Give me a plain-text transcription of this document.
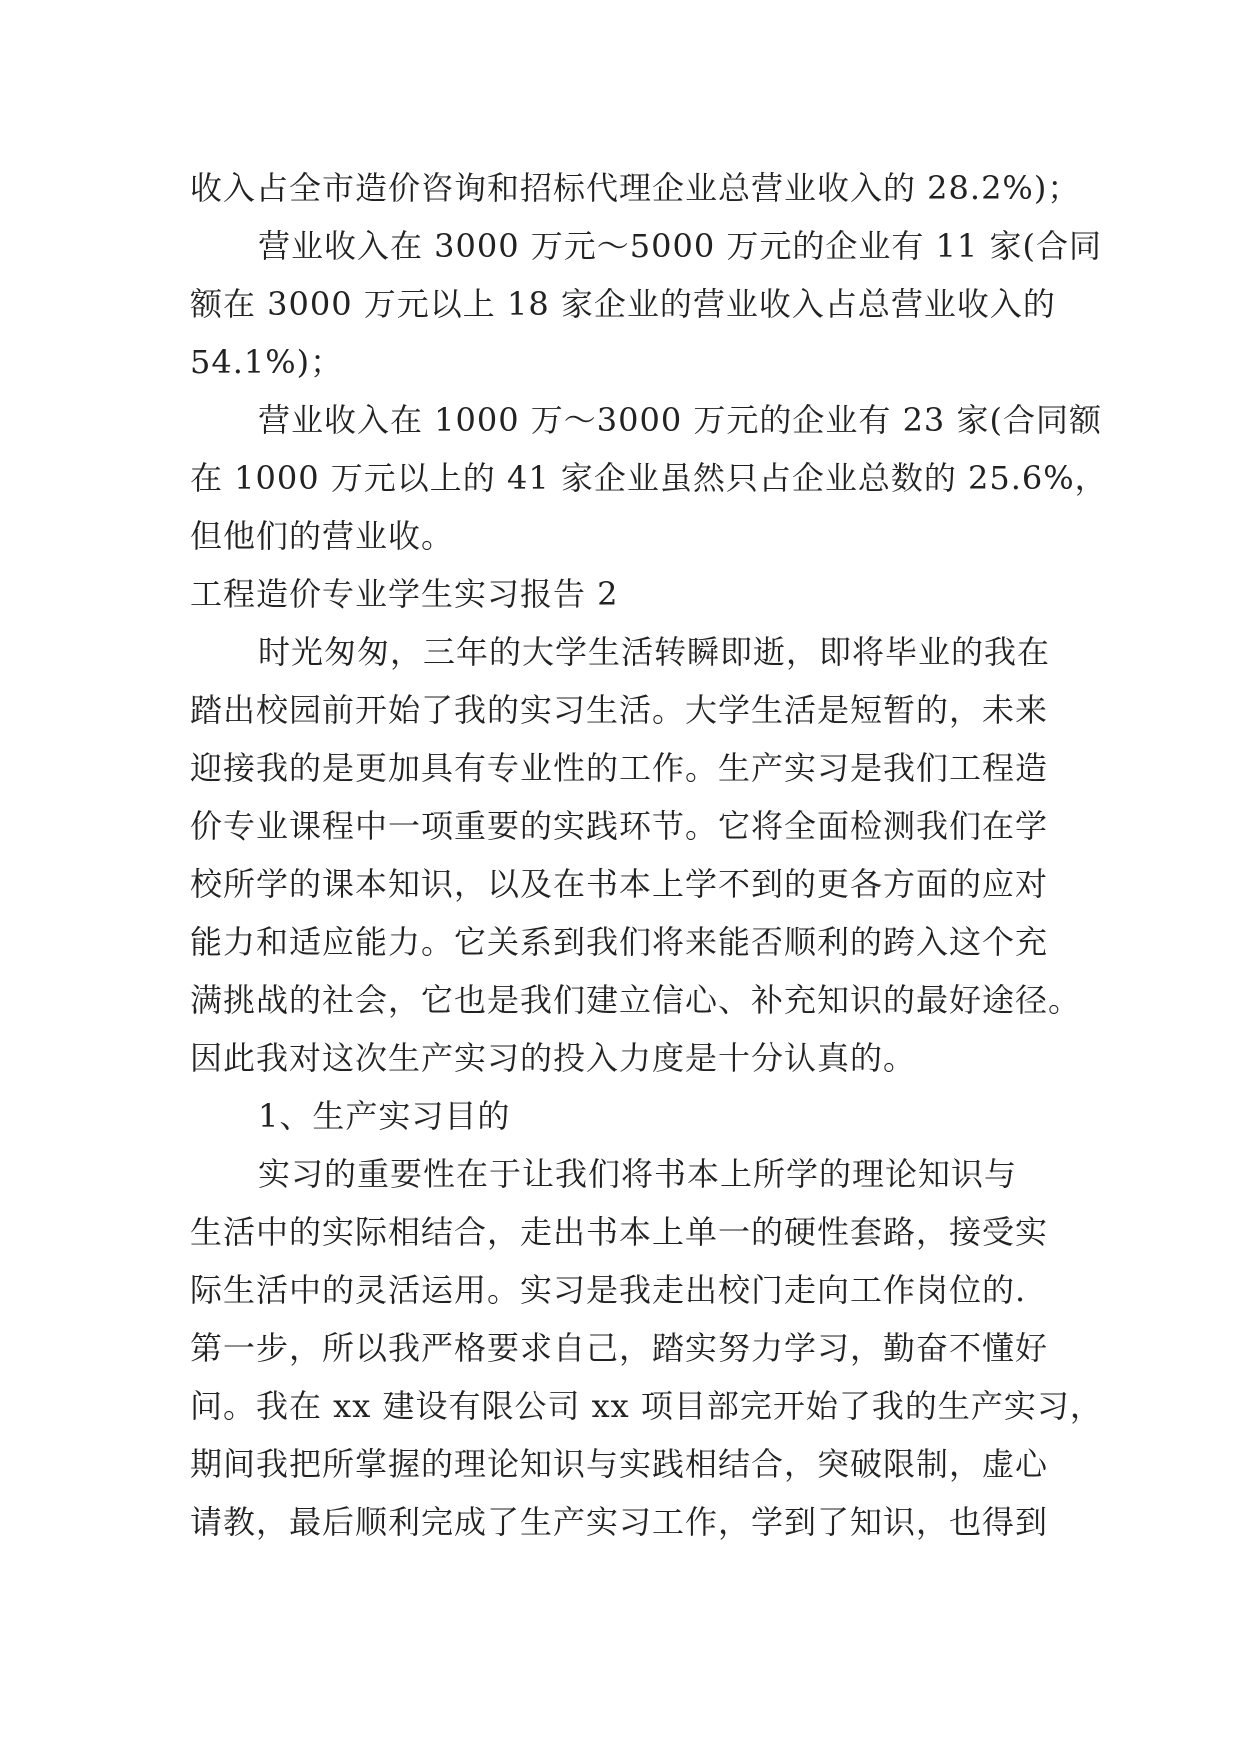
收入占全市造价咨询和招标代理企业总营业收入的 28.2%)；
营业收入在 3000 万元～5000 万元的企业有 11 家(合同
额在 3000 万元以上 18 家企业的营业收入占总营业收入的
54.1%)；
营业收入在 1000 万～3000 万元的企业有 23 家(合同额
在 1000 万元以上的 41 家企业虽然只占企业总数的 25.6%，
但他们的营业收。
工程造价专业学生实习报告 2
时光匆匆，三年的大学生活转瞬即逝，即将毕业的我在
踏出校园前开始了我的实习生活。大学生活是短暂的，未来
迎接我的是更加具有专业性的工作。生产实习是我们工程造
价专业课程中一项重要的实践环节。它将全面检测我们在学
校所学的课本知识，以及在书本上学不到的更各方面的应对
能力和适应能力。它关系到我们将来能否顺利的跨入这个充
满挑战的社会，它也是我们建立信心、补充知识的最好途径。
因此我对这次生产实习的投入力度是十分认真的。
1、生产实习目的
实习的重要性在于让我们将书本上所学的理论知识与
生活中的实际相结合，走出书本上单一的硬性套路，接受实
际生活中的灵活运用。实习是我走出校门走向工作岗位的.
第一步，所以我严格要求自己，踏实努力学习，勤奋不懂好
问。我在 xx 建设有限公司 xx 项目部完开始了我的生产实习，
期间我把所掌握的理论知识与实践相结合，突破限制，虚心
请教，最后顺利完成了生产实习工作，学到了知识，也得到
